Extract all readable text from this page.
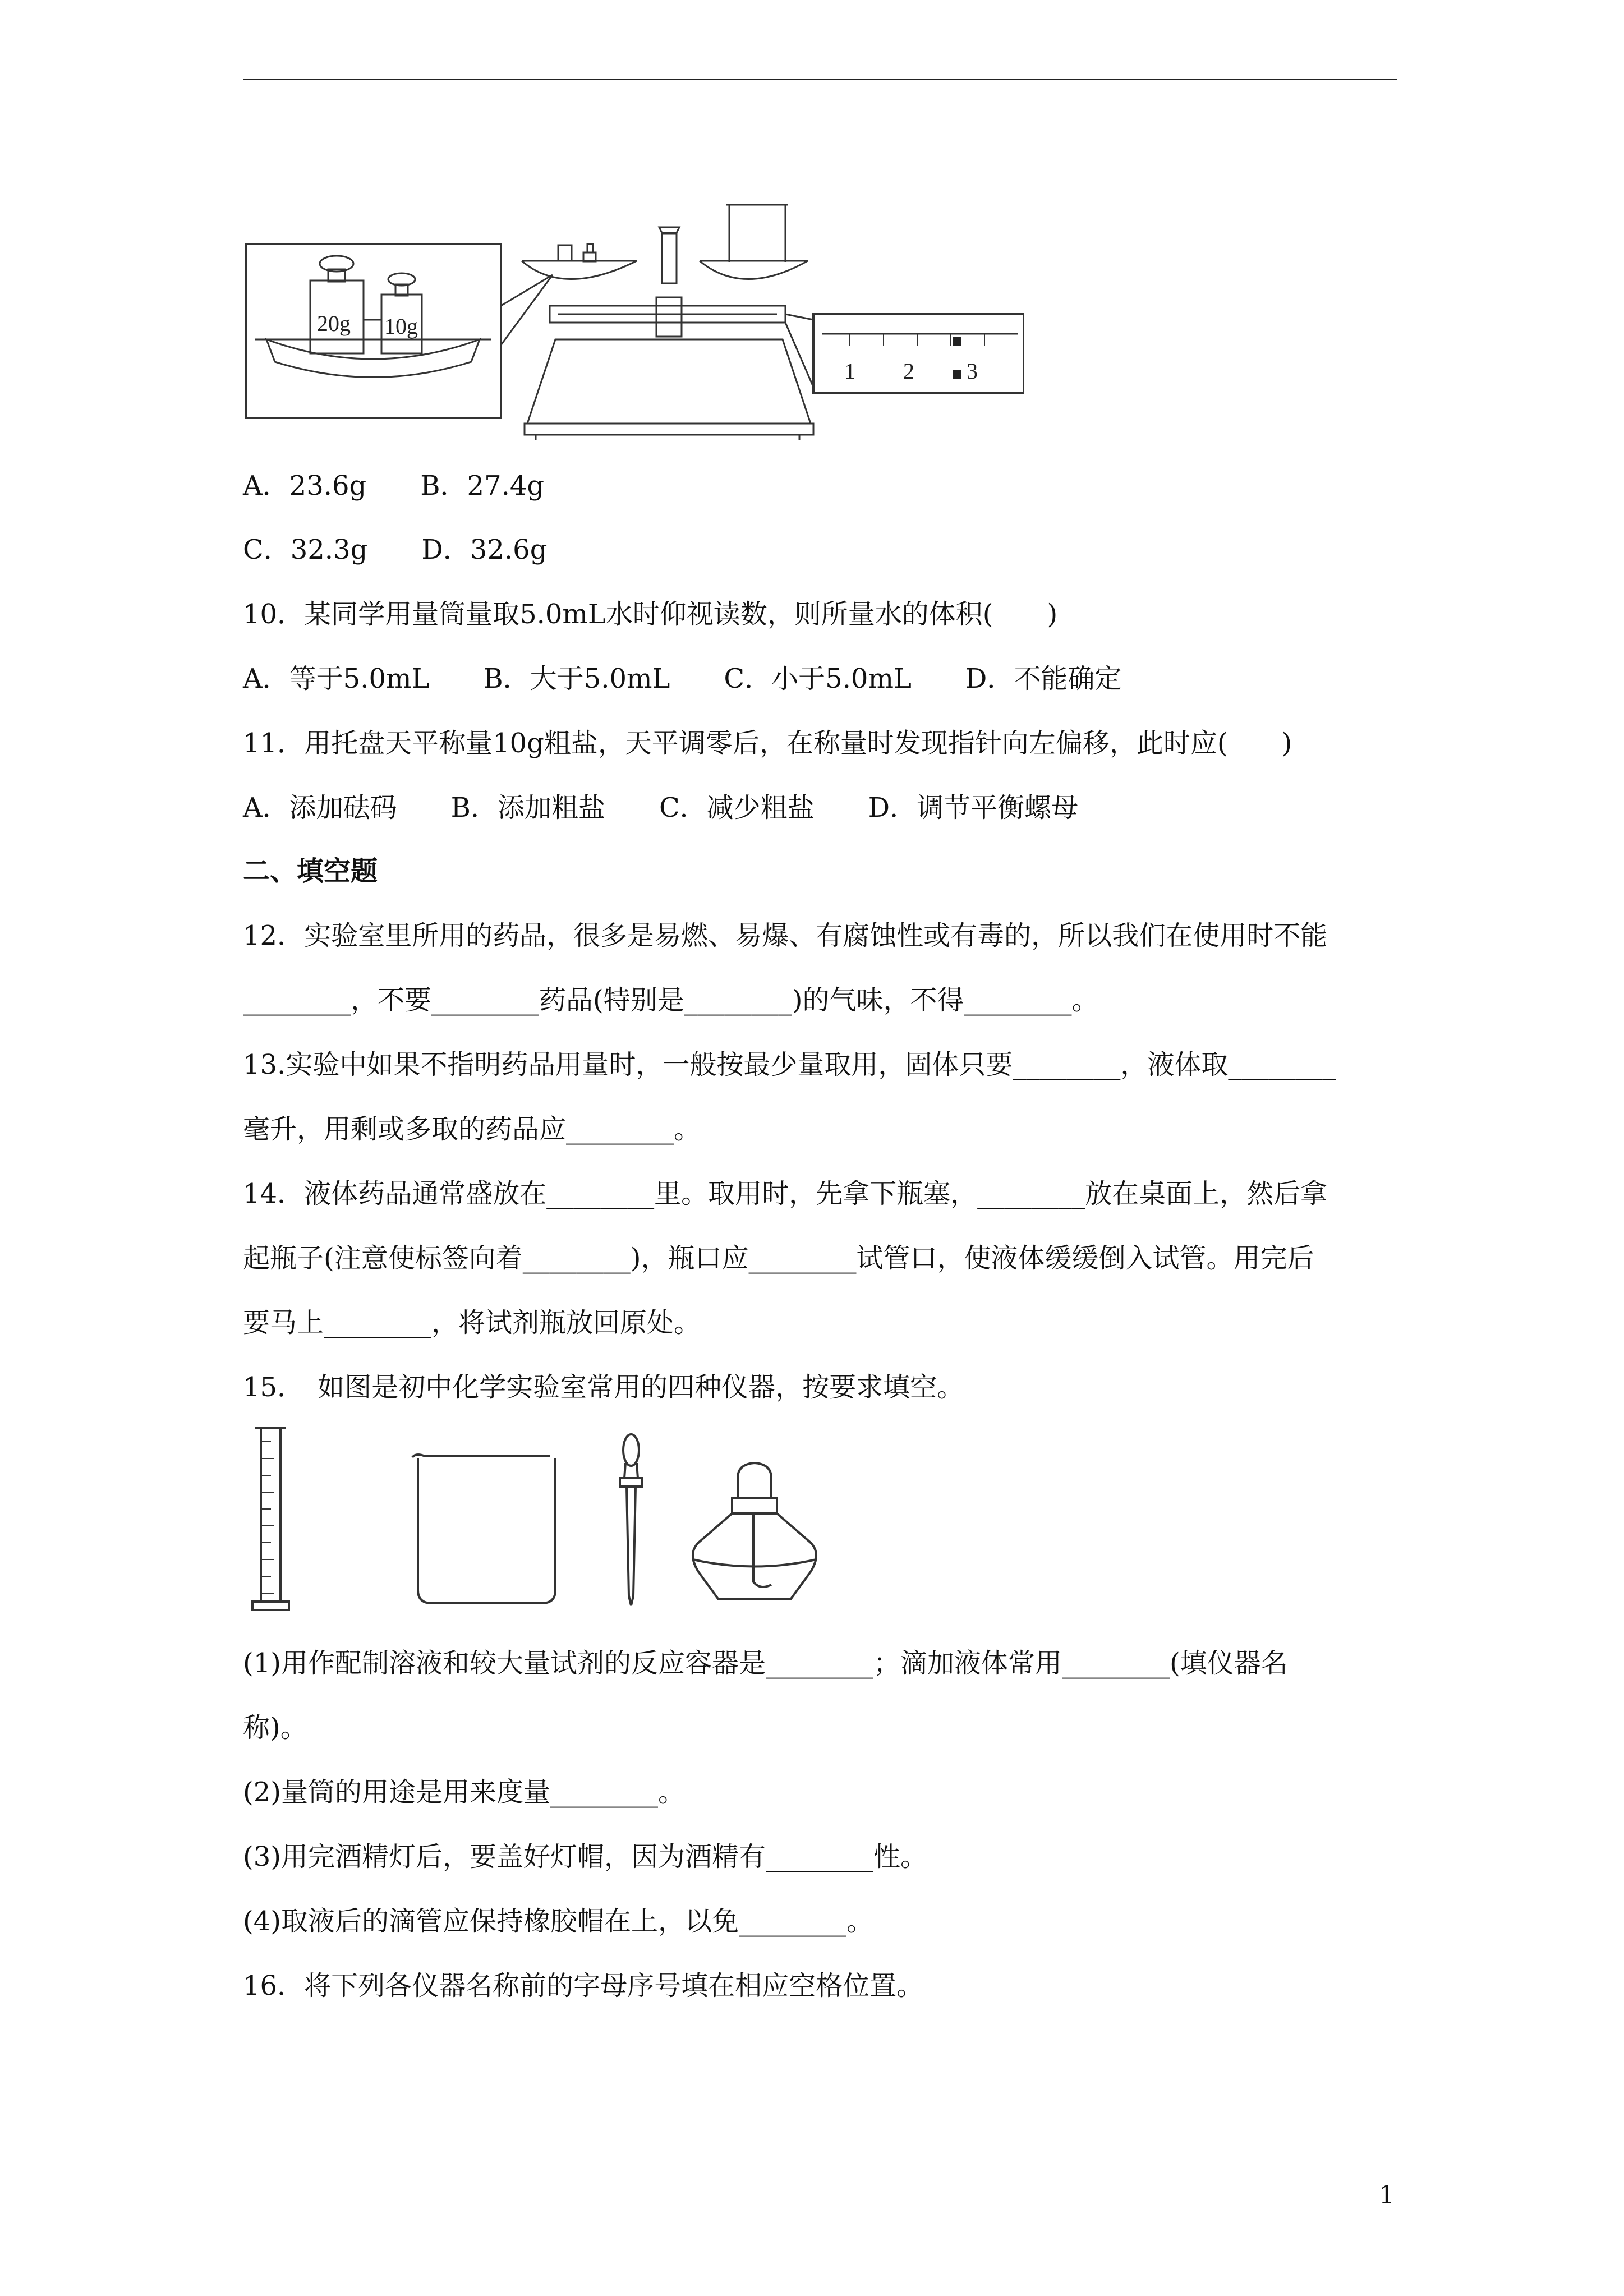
20g 10g
1 2 3
A．23.6g　　B．27.4g
C．32.3g　　D．32.6g
10．某同学用量筒量取5.0mL水时仰视读数，则所量水的体积(　　)
A．等于5.0mL　　B．大于5.0mL　　C．小于5.0mL　　D．不能确定
11．用托盘天平称量10g粗盐，天平调零后，在称量时发现指针向左偏移，此时应(　　)
A．添加砝码　　B．添加粗盐　　C．减少粗盐　　D．调节平衡螺母
二、填空题
12．实验室里所用的药品，很多是易燃、易爆、有腐蚀性或有毒的，所以我们在使用时不能
________，不要________药品(特别是________)的气味，不得________。
13.实验中如果不指明药品用量时，一般按最少量取用，固体只要________，液体取________
毫升，用剩或多取的药品应________。
14．液体药品通常盛放在________里。取用时，先拿下瓶塞，________放在桌面上，然后拿
起瓶子(注意使标签向着________)，瓶口应________试管口，使液体缓缓倒入试管。用完后
要马上________，将试剂瓶放回原处。
15．　如图是初中化学实验室常用的四种仪器，按要求填空。
(1)用作配制溶液和较大量试剂的反应容器是________；滴加液体常用________(填仪器名
称)。
(2)量筒的用途是用来度量________。
(3)用完酒精灯后，要盖好灯帽，因为酒精有________性。
(4)取液后的滴管应保持橡胶帽在上，以免________。
16．将下列各仪器名称前的字母序号填在相应空格位置。
1
